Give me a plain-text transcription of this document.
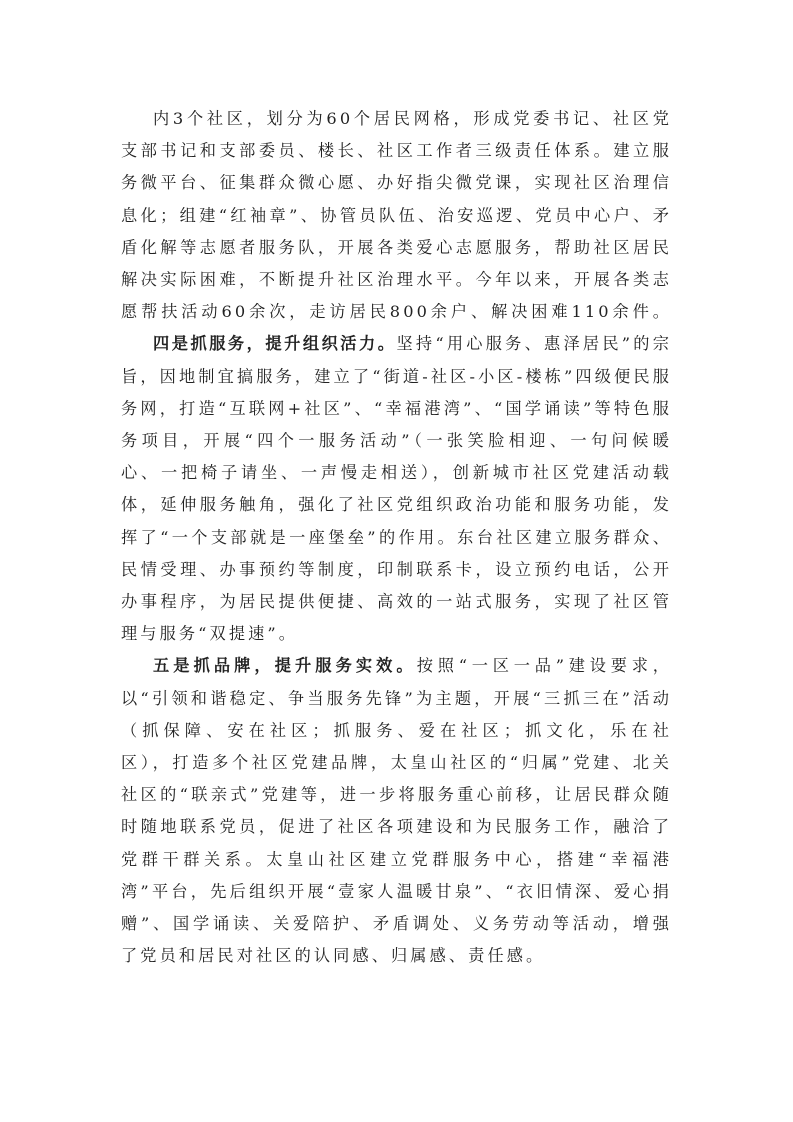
内3个社区，划分为60个居民网格，形成党委书记、社区党支部书记和支部委员、楼长、社区工作者三级责任体系。建立服务微平台、征集群众微心愿、办好指尖微党课，实现社区治理信息化；组建“红袖章”、协管员队伍、治安巡逻、党员中心户、矛盾化解等志愿者服务队，开展各类爱心志愿服务，帮助社区居民解决实际困难，不断提升社区治理水平。今年以来，开展各类志愿帮扶活动60余次，走访居民800余户、解决困难110余件。

四是抓服务，提升组织活力。坚持“用心服务、惠泽居民”的宗旨，因地制宜搞服务，建立了“街道-社区-小区-楼栋”四级便民服务网，打造“互联网+社区”、“幸福港湾”、“国学诵读”等特色服务项目，开展“四个一服务活动”（一张笑脸相迎、一句问候暖心、一把椅子请坐、一声慢走相送），创新城市社区党建活动载体，延伸服务触角，强化了社区党组织政治功能和服务功能，发挥了“一个支部就是一座堡垒”的作用。东台社区建立服务群众、民情受理、办事预约等制度，印制联系卡，设立预约电话，公开办事程序，为居民提供便捷、高效的一站式服务，实现了社区管理与服务“双提速”。

五是抓品牌，提升服务实效。按照“一区一品”建设要求，以“引领和谐稳定、争当服务先锋”为主题，开展“三抓三在”活动（抓保障、安在社区；抓服务、爱在社区；抓文化，乐在社区），打造多个社区党建品牌，太皇山社区的“归属”党建、北关社区的“联亲式”党建等，进一步将服务重心前移，让居民群众随时随地联系党员，促进了社区各项建设和为民服务工作，融洽了党群干群关系。太皇山社区建立党群服务中心，搭建“幸福港湾”平台，先后组织开展“壹家人温暖甘泉”、“衣旧情深、爱心捐赠”、国学诵读、关爱陪护、矛盾调处、义务劳动等活动，增强了党员和居民对社区的认同感、归属感、责任感。
